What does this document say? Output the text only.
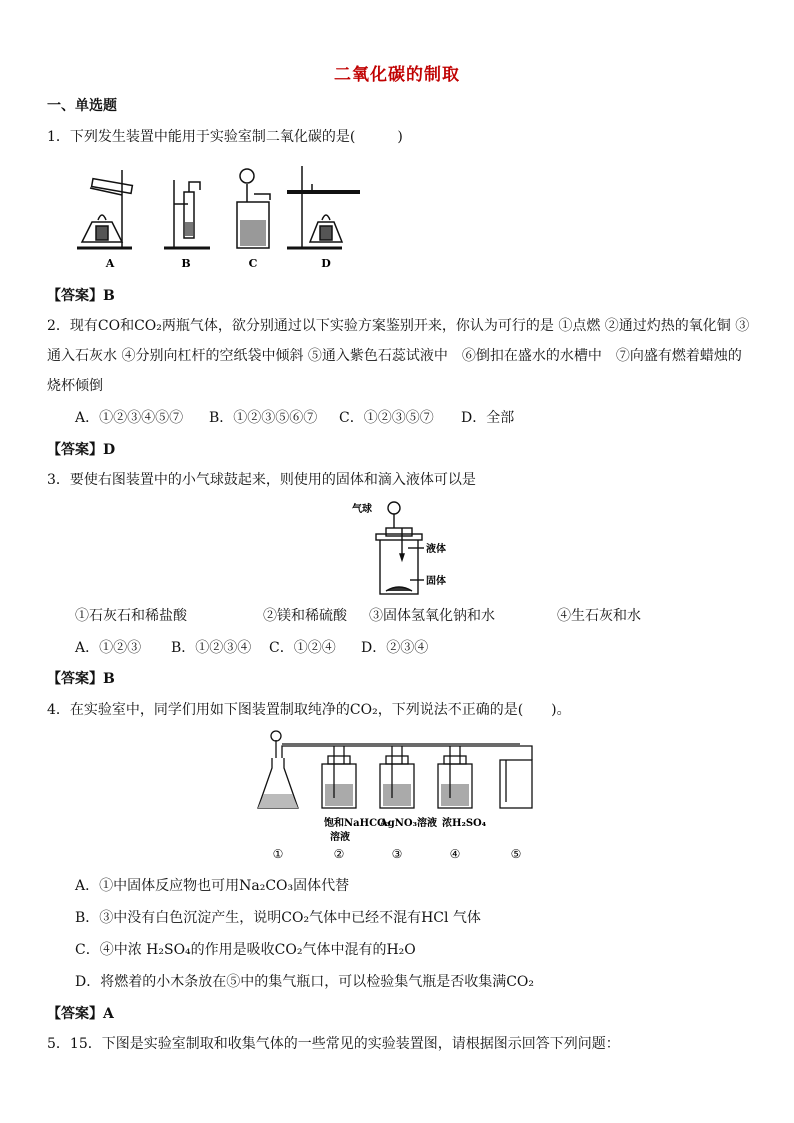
二氧化碳的制取
一、单选题
1．下列发生装置中能用于实验室制二氧化碳的是(　　　)
A	B	C	D
【答案】B
2．现有CO和CO₂两瓶气体，欲分别通过以下实验方案鉴别开来，你认为可行的是 ①点燃 ②通过灼热的氧化铜 ③
通入石灰水 ④分别向杠杆的空纸袋中倾斜 ⑤通入紫色石蕊试液中　⑥倒扣在盛水的水槽中　⑦向盛有燃着蜡烛的
烧杯倾倒
A．①②③④⑤⑦ B．①②③⑤⑥⑦ C．①②③⑤⑦ D．全部
【答案】D
3．要使右图装置中的小气球鼓起来，则使用的固体和滴入液体可以是
气球
液体
固体
①石灰石和稀盐酸	②镁和稀硫酸 ③固体氢氧化钠和水	④生石灰和水
A．①②③ B．①②③④ C．①②④ D．②③④
【答案】B
4．在实验室中，同学们用如下图装置制取纯净的CO₂，下列说法不正确的是(　　)。
饱和NaHCO₃
溶液
AgNO₃溶液 浓H₂SO₄
①	②	③	④	⑤
A．①中固体反应物也可用Na₂CO₃固体代替
B．③中没有白色沉淀产生，说明CO₂气体中已经不混有HCl 气体
C．④中浓 H₂SO₄的作用是吸收CO₂气体中混有的H₂O
D．将燃着的小木条放在⑤中的集气瓶口，可以检验集气瓶是否收集满CO₂
【答案】A
5．15．下图是实验室制取和收集气体的一些常见的实验装置图，请根据图示回答下列问题：
